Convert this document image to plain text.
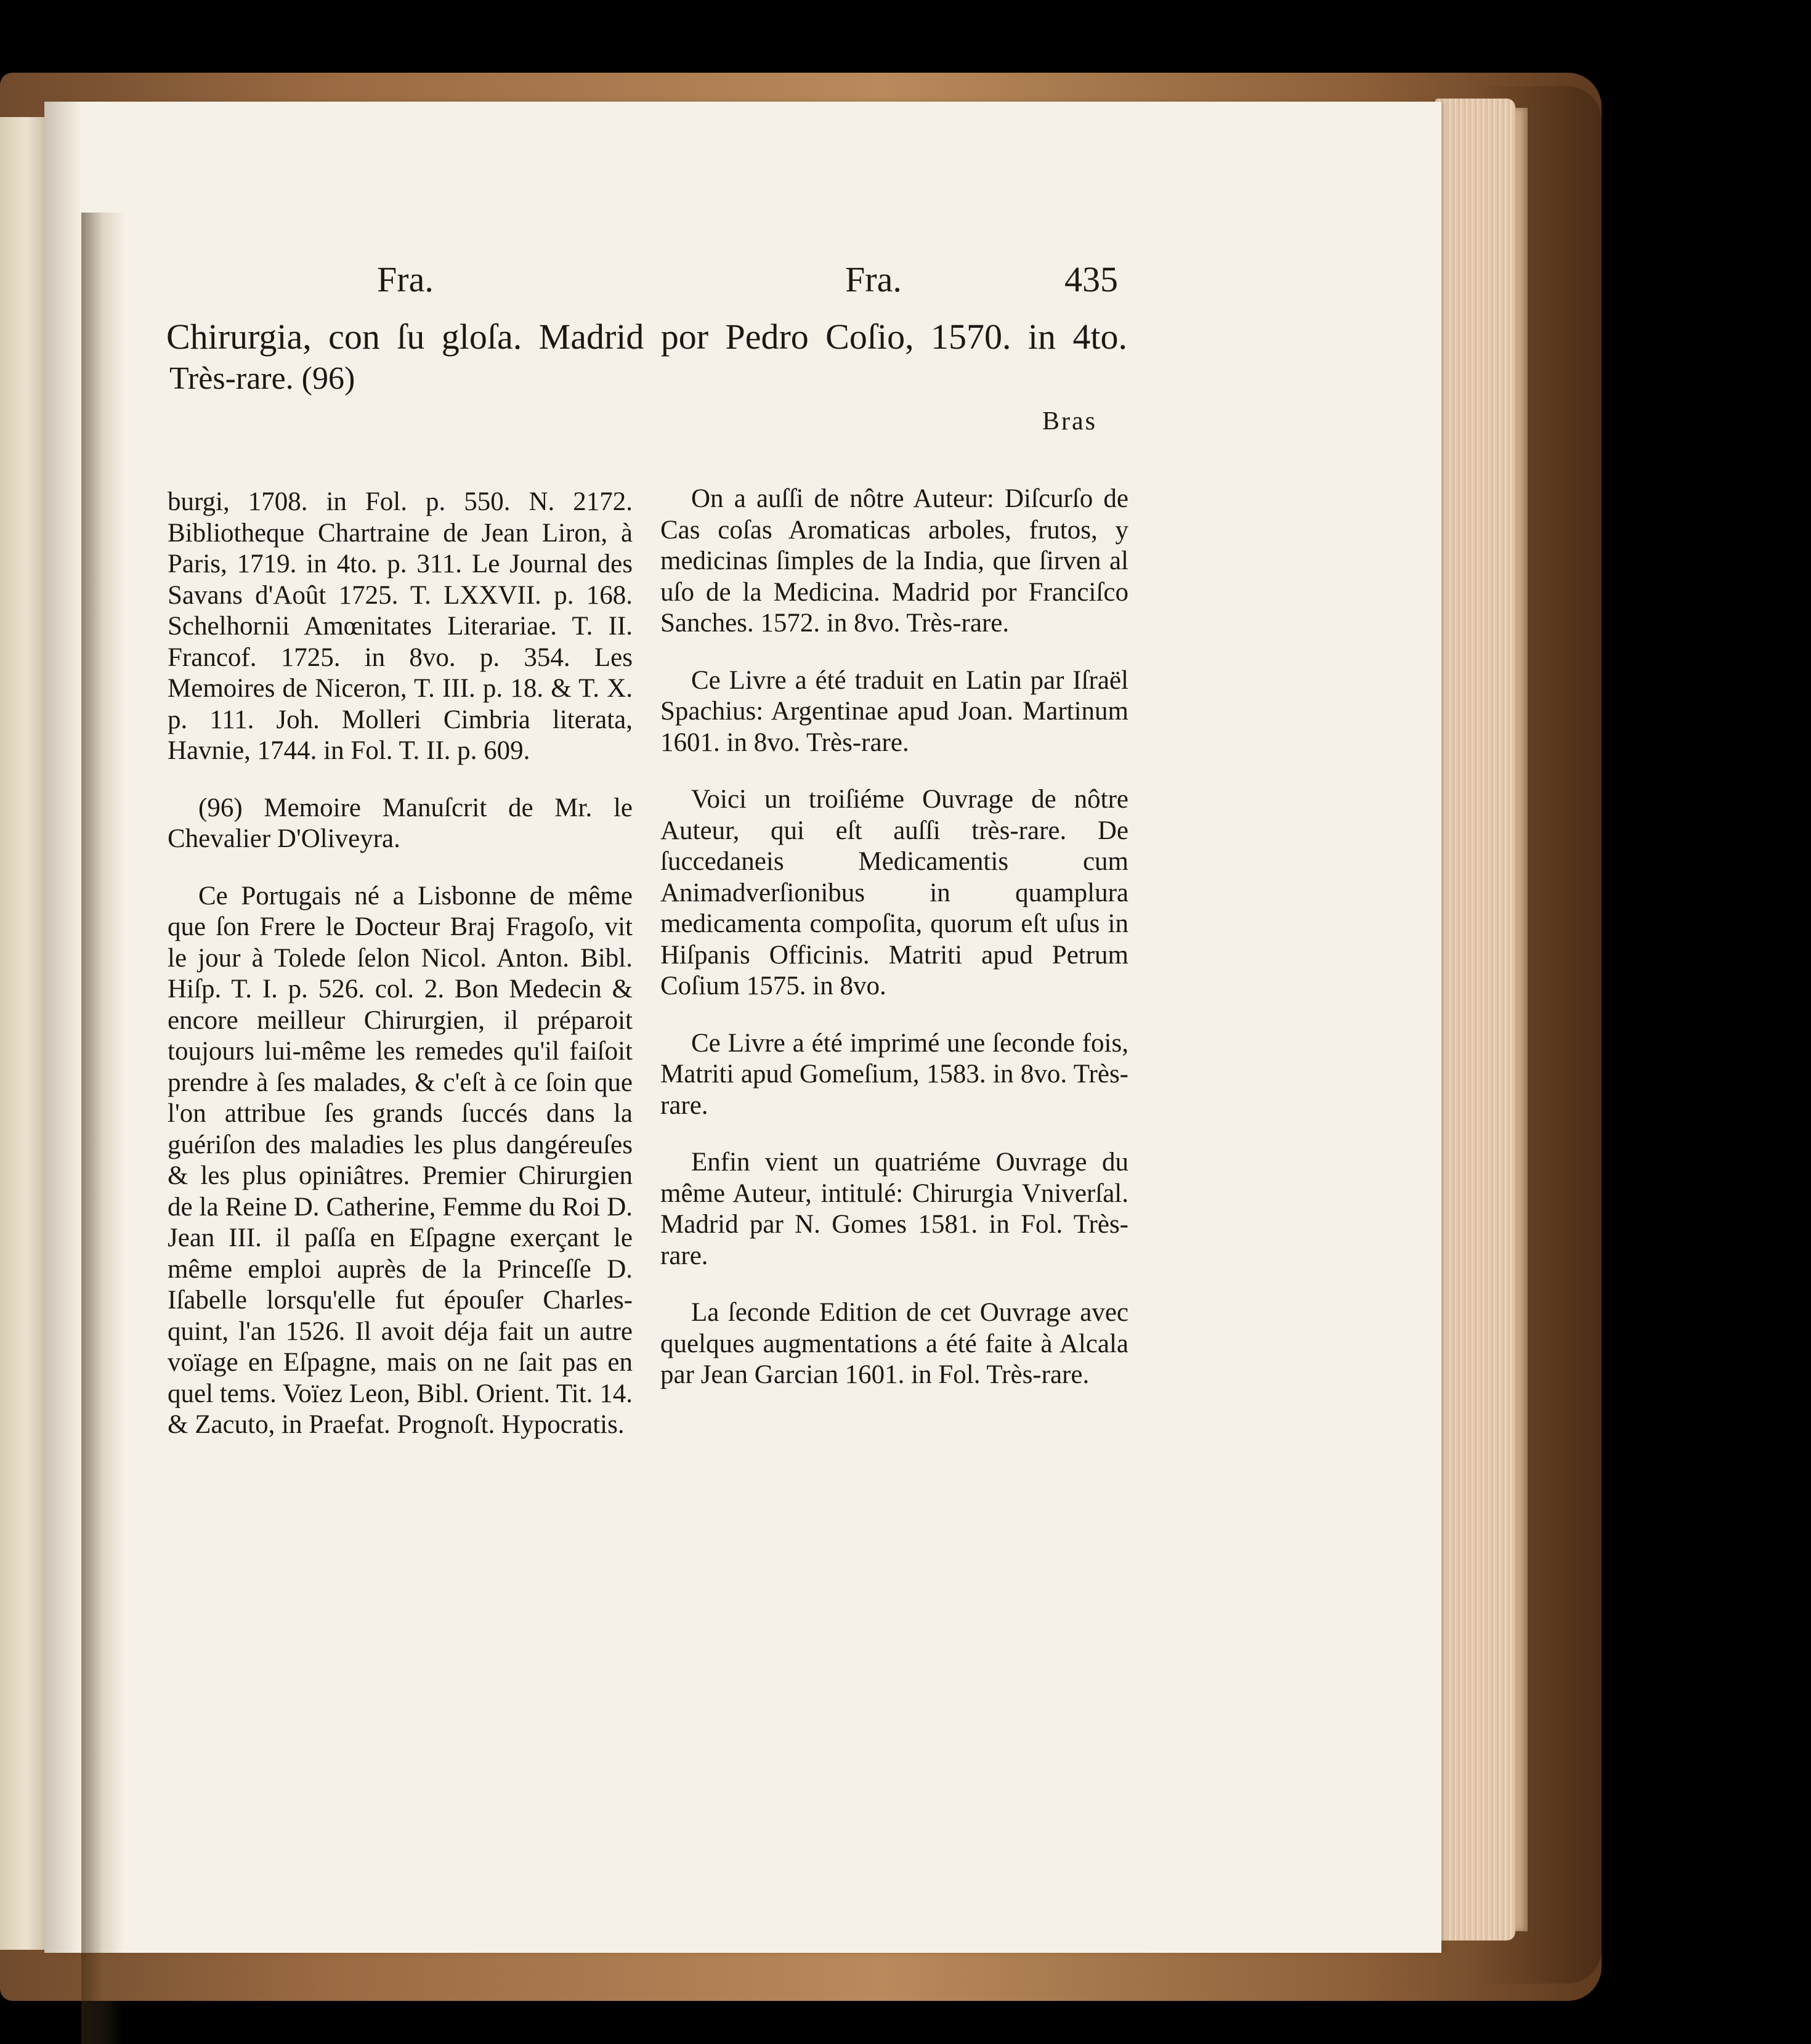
Fra.	Fra.	435
Chirurgia, con ſu gloſa. Madrid por Pedro Coſio, 1570. in 4to.
Très-rare. (96)
Bras

burgi, 1708. in Fol. p. 550. N. 2172. Bibliotheque Chartraine de Jean Liron, à Paris, 1719. in 4to. p. 311. Le Journal des Savans d'Août 1725. T. LXXVII. p. 168. Schelhornii Amœnitates Literariae. T. II. Francof. 1725. in 8vo. p. 354. Les Memoires de Niceron, T. III. p. 18. & T. X. p. 111. Joh. Molleri Cimbria literata, Havnie, 1744. in Fol. T. II. p. 609.

(96) Memoire Manuſcrit de Mr. le Chevalier D'Oliveyra.

Ce Portugais né a Lisbonne de même que ſon Frere le Docteur Braj Fragoſo, vit le jour à Tolede ſelon Nicol. Anton. Bibl. Hiſp. T. I. p. 526. col. 2. Bon Medecin & encore meilleur Chirurgien, il préparoit toujours lui-même les remedes qu'il faiſoit prendre à ſes malades, & c'eſt à ce ſoin que l'on attribue ſes grands ſuccés dans la guériſon des maladies les plus dangéreuſes & les plus opiniâtres. Premier Chirurgien de la Reine D. Catherine, Femme du Roi D. Jean III. il paſſa en Eſpagne exerçant le même emploi auprès de la Princeſſe D. Iſabelle lorsqu'elle fut épouſer Charles-quint, l'an 1526. Il avoit déja fait un autre voïage en Eſpagne, mais on ne ſait pas en quel tems. Voïez Leon, Bibl. Orient. Tit. 14. & Zacuto, in Praefat. Prognoſt. Hypocratis.

On a auſſi de nôtre Auteur: Diſcurſo de Cas coſas Aromaticas arboles, frutos, y medicinas ſimples de la India, que ſirven al uſo de la Medicina. Madrid por Franciſco Sanches. 1572. in 8vo. Très-rare.

Ce Livre a été traduit en Latin par Iſraël Spachius: Argentinae apud Joan. Martinum 1601. in 8vo. Très-rare.

Voici un troiſiéme Ouvrage de nôtre Auteur, qui eſt auſſi très-rare. De ſuccedaneis Medicamentis cum Animadverſionibus in quamplura medicamenta compoſita, quorum eſt uſus in Hiſpanis Officinis. Matriti apud Petrum Coſium 1575. in 8vo.

Ce Livre a été imprimé une ſeconde fois, Matriti apud Gomeſium, 1583. in 8vo. Très-rare.

Enfin vient un quatriéme Ouvrage du même Auteur, intitulé: Chirurgia Vniverſal. Madrid par N. Gomes 1581. in Fol. Très-rare.

La ſeconde Edition de cet Ouvrage avec quelques augmentations a été faite à Alcala par Jean Garcian 1601. in Fol. Très-rare.
